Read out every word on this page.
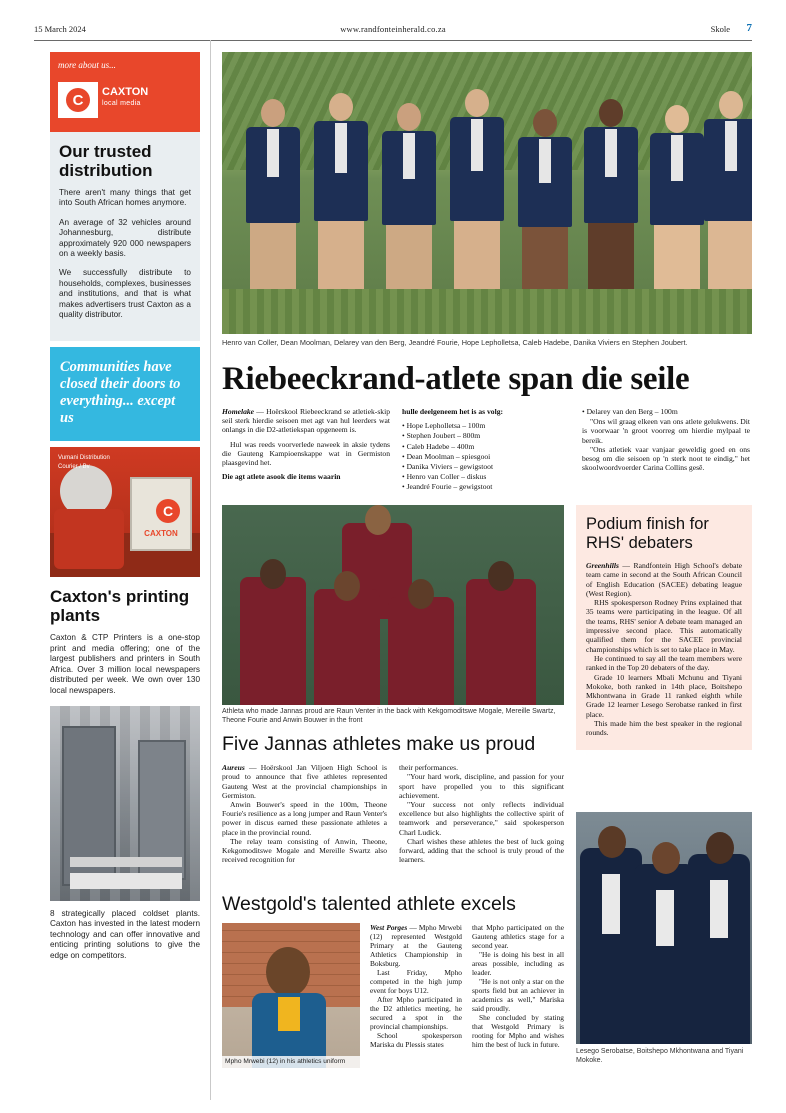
15 March 2024	www.randfonteinherald.co.za	Skole 7
more about us...
C	CAXTON
local media
Our trusted distribution

There aren't many things that get into South African homes anymore.

An average of 32 vehicles around Johannesburg, distribute approximately 920 000 newspapers on a weekly basis.

We successfully distribute to households, complexes, businesses and institutions, and that is what makes advertisers trust Caxton as a quality distributor.

Communities have closed their doors to everything... except us

C
CAXTON
Vumani Distribution
Courier / Bv
Caxton's printing plants
Caxton & CTP Printers is a one-stop print and media offering; one of the largest publishers and printers in South Africa. Over 3 million local newspapers distributed per week. We own over 130 local newspapers.
8 strategically placed coldset plants. Caxton has invested in the latest modern technology and can offer innovative and enticing printing solutions to give the edge on competitors.
Henro van Coller, Dean Moolman, Delarey van den Berg, Jeandré Fourie, Hope Lepholletsa, Caleb Hadebe, Danika Viviers en Stephen Joubert.
Riebeeckrand-atlete span die seile

Homelake — Hoërskool Riebeeckrand se atletiek-skip seil sterk hierdie seisoen met agt van hul leerders wat onlangs in die D2-atletiekspan opgeneem is.

Hul was reeds voorverlede naweek in aksie tydens die Gauteng Kampioenskappe wat in Germiston plaasgevind het.

Die agt atlete asook die items waarin

hulle deelgeneem het is as volg:

• Hope Lepholletsa – 100m
• Stephen Joubert – 800m
• Caleb Hadebe – 400m
• Dean Moolman – spiesgooi
• Danika Viviers – gewigstoot
• Henro van Coller – diskus
• Jeandré Fourie – gewigstoot
• Delarey van den Berg – 100m

"Ons wil graag elkeen van ons atlete gelukwens. Dit is voorwaar 'n groot voorreg om hierdie mylpaal te bereik.

"Ons atletiek vaar vanjaar geweldig goed en ons besog om die seisoen op 'n sterk noot te eindig," het skoolwoordvoerder Carina Collins gesê.

Athleta who made Jannas proud are Raun Venter in the back with Kekgomoditswe Mogale, Mereille Swartz, Theone Fourie and Anwin Bouwer in the front
Five Jannas athletes make us proud

Aureus — Hoërskool Jan Viljoen High School is proud to announce that five athletes represented Gauteng West at the provincial championships in Germiston.

Anwin Bouwer's speed in the 100m, Theone Fourie's resilience as a long jumper and Raun Venter's power in discus earned these passionate athletes a place in the provincial round.

The relay team consisting of Anwin, Theone, Kekgomoditswe Mogale and Mereille Swartz also received recognition for

their performances.

"Your hard work, discipline, and passion for your sport have propelled you to this significant achievement.

"Your success not only reflects individual excellence but also highlights the collective spirit of teamwork and perseverance," said spokesperson Charl Ludick.

Charl wishes these athletes the best of luck going forward, adding that the school is truly proud of the learners.

Podium finish for RHS' debaters

Greenhills — Randfontein High School's debate team came in second at the South African Council of English Education (SACEE) debating league (West Region).

RHS spokesperson Rodney Prins explained that 35 teams were participating in the league. Of all the teams, RHS' senior A debate team managed an impressive second place. This automatically qualified them for the SACEE provincial championships which is set to take place in May.

He continued to say all the team members were ranked in the Top 20 debaters of the day.

Grade 10 learners Mbali Mchunu and Tiyani Mokoke, both ranked in 14th place, Boitshepo Mkhontwana in Grade 11 ranked eighth while Grade 12 learner Lesego Serobatse ranked in first place.

This made him the best speaker in the regional rounds.

Lesego Serobatse, Boitshepo Mkhontwana and Tiyani Mokoke.
Westgold's talented athlete excels
Mpho Mrwebi (12) in his athletics uniform

West Porges — Mpho Mrwebi (12) represented Westgold Primary at the Gauteng Athletics Championship in Boksburg.

Last Friday, Mpho competed in the high jump event for boys U12.

After Mpho participated in the D2 athletics meeting, he secured a spot in the provincial championships.

School spokesperson Mariska du Plessis states

that Mpho participated on the Gauteng athletics stage for a second year.

"He is doing his best in all areas possible, including as leader.

"He is not only a star on the sports field but an achiever in academics as well," Mariska said proudly.

She concluded by stating that Westgold Primary is rooting for Mpho and wishes him the best of luck in future.
